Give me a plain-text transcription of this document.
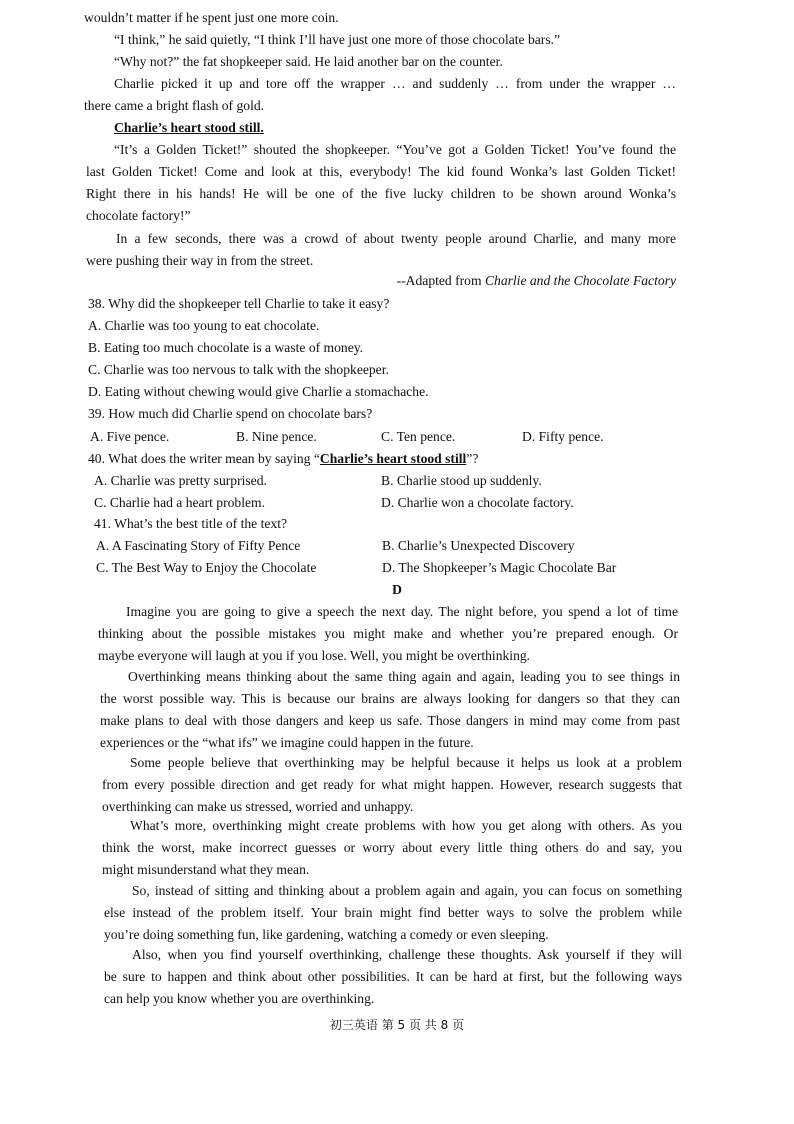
wouldn’t matter if he spent just one more coin.
“I think,” he said quietly, “I think I’ll have just one more of those chocolate bars.”
“Why not?” the fat shopkeeper said. He laid another bar on the counter.
Charlie picked it up and tore off the wrapper … and suddenly … from under the wrapper …
there came a bright flash of gold.
Charlie’s heart stood still.
“It’s a Golden Ticket!” shouted the shopkeeper. “You’ve got a Golden Ticket! You’ve found the
last Golden Ticket! Come and look at this, everybody! The kid found Wonka’s last Golden Ticket!
Right there in his hands! He will be one of the five lucky children to be shown around Wonka’s
chocolate factory!”
In a few seconds, there was a crowd of about twenty people around Charlie, and many more
were pushing their way in from the street.
--Adapted from Charlie and the Chocolate Factory
38. Why did the shopkeeper tell Charlie to take it easy?
A. Charlie was too young to eat chocolate.
B. Eating too much chocolate is a waste of money.
C. Charlie was too nervous to talk with the shopkeeper.
D. Eating without chewing would give Charlie a stomachache.
39. How much did Charlie spend on chocolate bars?
A. Five pence.	B. Nine pence.	C. Ten pence.	D. Fifty pence.
40. What does the writer mean by saying “Charlie’s heart stood still”?
A. Charlie was pretty surprised.	B. Charlie stood up suddenly.
C. Charlie had a heart problem.	D. Charlie won a chocolate factory.
41. What’s the best title of the text?
A. A Fascinating Story of Fifty Pence	B. Charlie’s Unexpected Discovery
C. The Best Way to Enjoy the Chocolate	D. The Shopkeeper’s Magic Chocolate Bar
D
Imagine you are going to give a speech the next day. The night before, you spend a lot of time
thinking about the possible mistakes you might make and whether you’re prepared enough. Or
maybe everyone will laugh at you if you lose. Well, you might be overthinking.
Overthinking means thinking about the same thing again and again, leading you to see things in
the worst possible way. This is because our brains are always looking for dangers so that they can
make plans to deal with those dangers and keep us safe. Those dangers in mind may come from past
experiences or the “what ifs” we imagine could happen in the future.
Some people believe that overthinking may be helpful because it helps us look at a problem
from every possible direction and get ready for what might happen. However, research suggests that
overthinking can make us stressed, worried and unhappy.
What’s more, overthinking might create problems with how you get along with others. As you
think the worst, make incorrect guesses or worry about every little thing others do and say, you
might misunderstand what they mean.
So, instead of sitting and thinking about a problem again and again, you can focus on something
else instead of the problem itself. Your brain might find better ways to solve the problem while
you’re doing something fun, like gardening, watching a comedy or even sleeping.
Also, when you find yourself overthinking, challenge these thoughts. Ask yourself if they will
be sure to happen and think about other possibilities. It can be hard at first, but the following ways
can help you know whether you are overthinking.
初三英语 第 5 页 共 8 页
